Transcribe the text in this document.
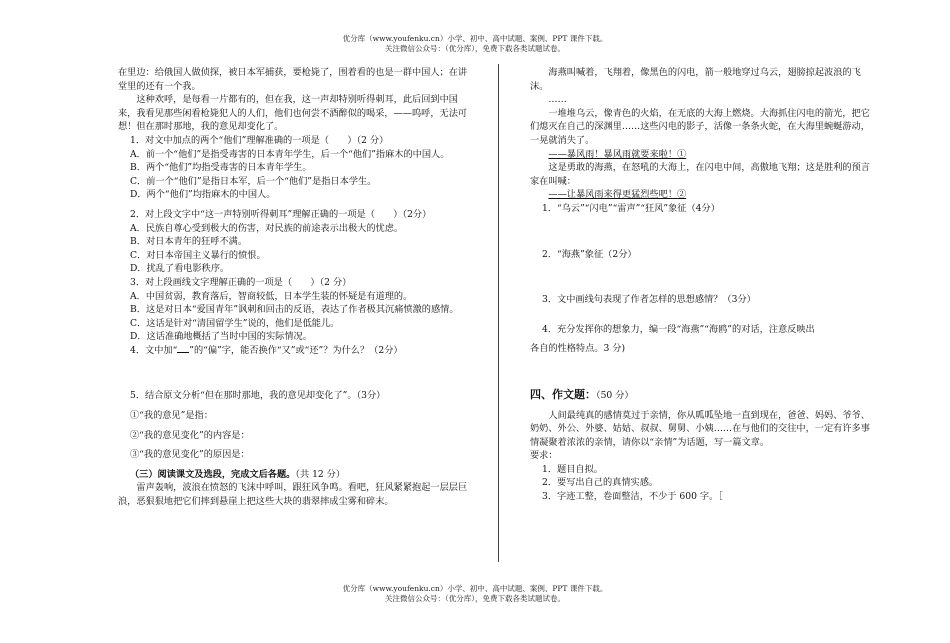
优分库（www.youfenku.cn）小学、初中、高中试题、案例、PPT 课件下载。
关注微信公众号：（优分库），免费下载各类试题试卷。

在里边：给俄国人做侦探，被日本军捕获，要枪毙了，围着看的也是一群中国人；在讲堂里的还有一个我。

这种欢呼，是每看一片都有的，但在我，这一声却特别听得刺耳，此后回到中国来，我看见那些闲看枪毙犯人的人们，他们也何尝不酒醉似的喝采，——呜呼，无法可想！但在那时那地，我的意见却变化了。

1．对文中加点的两个“他们”理解准确的一项是（　　）（2 分）

A．前一个“他们”是指受毒害的日本青年学生，后一个“他们”指麻木的中国人。

B．两个“他们”均指受毒害的日本青年学生。

C．前一个“他们”是指日本军，后一个“他们”是指日本学生。

D．两个“他们”均指麻木的中国人。

2．对上段文字中“这一声特别听得刺耳”理解正确的一项是（　　）（2分）

A．民族自尊心受到极大的伤害，对民族的前途表示出极大的忧虑。

B．对日本青年的狂呼不满。

C．对日本帝国主义暴行的愤恨。

D．扰乱了看电影秩序。

3．对上段画线文字理解正确的一项是（　　）（2 分）

A．中国贫弱，教育落后，智商较低，日本学生装的怀疑是有道理的。

B．这是对日本“爱国青年”讽刺和回击的反语，表达了作者极其沉痛愤激的感情。　C．这话是针对“清国留学生”说的，他们是低能儿。

D．这话准确地概括了当时中国的实际情况。

4．文中加“ ”的“偏”字，能否换作“又”或“还”？为什么？（2分）

5．结合原文分析“但在那时那地，我的意见却变化了”。（3分）

①“我的意见”是指：

②“我的意见变化”的内容是：

③“我的意见变化”的原因是：

（三）阅读课文及选段，完成文后各题。（共 12 分）

雷声轰响，波浪在愤怒的飞沫中呼叫，跟狂风争鸣。看吧，狂风紧紧抱起一层层巨浪，恶狠狠地把它们摔到悬崖上把这些大块的翡翠摔成尘雾和碎末。

海燕叫喊着，飞翔着，像黑色的闪电，箭一般地穿过乌云，翅膀掠起波浪的飞沫。

……

一堆堆乌云，像青色的火焰，在无底的大海上燃烧。大海抓住闪电的箭光，把它们熄灭在自己的深渊里……这些闪电的影子，活像一条条火蛇，在大海里蜿蜒游动，一晃就消失了。

——暴风雨！暴风雨就要来啦！①

这是勇敢的海燕，在怒吼的大海上，在闪电中间，高傲地飞翔；这是胜利的预言家在叫喊：

——让暴风雨来得更猛烈些吧！②

1．“乌云”“闪电”“雷声”“狂风”象征（4分）

2．“海燕”象征（2分）

3．文中画线句表现了作者怎样的思想感情？（3分）

4．充分发挥你的想象力，编一段“海燕”“海鸥”的对话，注意反映出

各自的性格特点。3 分)

四、作文题：（50 分）

人间最纯真的感情莫过于亲情，你从呱呱坠地一直到现在，爸爸、妈妈、爷爷、奶奶、外公、外婆、姑姑、叔叔、舅舅、小姨……在与他们的交往中，一定有许多事情凝聚着浓浓的亲情，请你以“亲情”为话题，写一篇文章。

要求：

1．题目自拟。

2．要写出自己的真情实感。

3．字迹工整，卷面整洁，不少于 600 字。［

优分库（www.youfenku.cn）小学、初中、高中试题、案例、PPT 课件下载。
关注微信公众号：（优分库），免费下载各类试题试卷。
